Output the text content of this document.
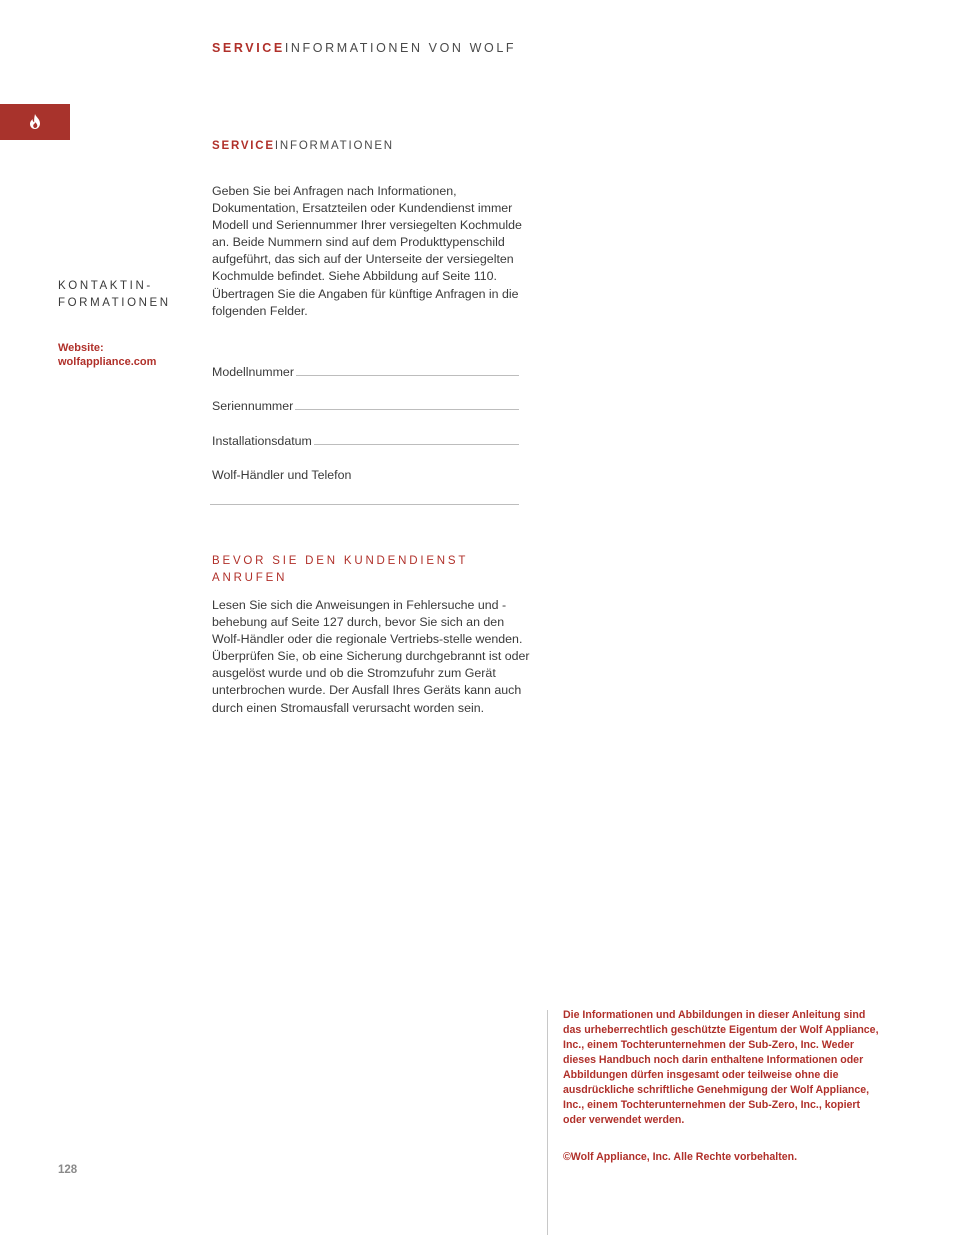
SERVICEINFORMATIONEN VON WOLF
SERVICEINFORMATIONEN
KONTAKTIN-
FORMATIONEN
Website:
wolfappliance.com
Geben Sie bei Anfragen nach Informationen, Dokumentation, Ersatzteilen oder Kundendienst immer Modell und Seriennummer Ihrer versiegelten Kochmulde an. Beide Nummern sind auf dem Produkttypenschild aufgeführt, das sich auf der Unterseite der versiegelten Kochmulde befindet. Siehe Abbildung auf Seite 110. Übertragen Sie die Angaben für künftige Anfragen in die folgenden Felder.
Modellnummer
Seriennummer
Installationsdatum
Wolf-Händler und Telefon
BEVOR SIE DEN KUNDENDIENST ANRUFEN
Lesen Sie sich die Anweisungen in Fehlersuche und -behebung auf Seite 127 durch, bevor Sie sich an den Wolf-Händler oder die regionale Vertriebs-stelle wenden. Überprüfen Sie, ob eine Sicherung durchgebrannt ist oder ausgelöst wurde und ob die Stromzufuhr zum Gerät unterbrochen wurde. Der Ausfall Ihres Geräts kann auch durch einen Stromausfall verursacht worden sein.
Die Informationen und Abbildungen in dieser Anleitung sind das urheberrechtlich geschützte Eigentum der Wolf Appliance, Inc., einem Tochterunternehmen der Sub-Zero, Inc. Weder dieses Handbuch noch darin enthaltene Informationen oder Abbildungen dürfen insgesamt oder teilweise ohne die ausdrückliche schriftliche Genehmigung der Wolf Appliance, Inc., einem Tochterunternehmen der Sub-Zero, Inc., kopiert oder verwendet werden.
©Wolf Appliance, Inc. Alle Rechte vorbehalten.
128
